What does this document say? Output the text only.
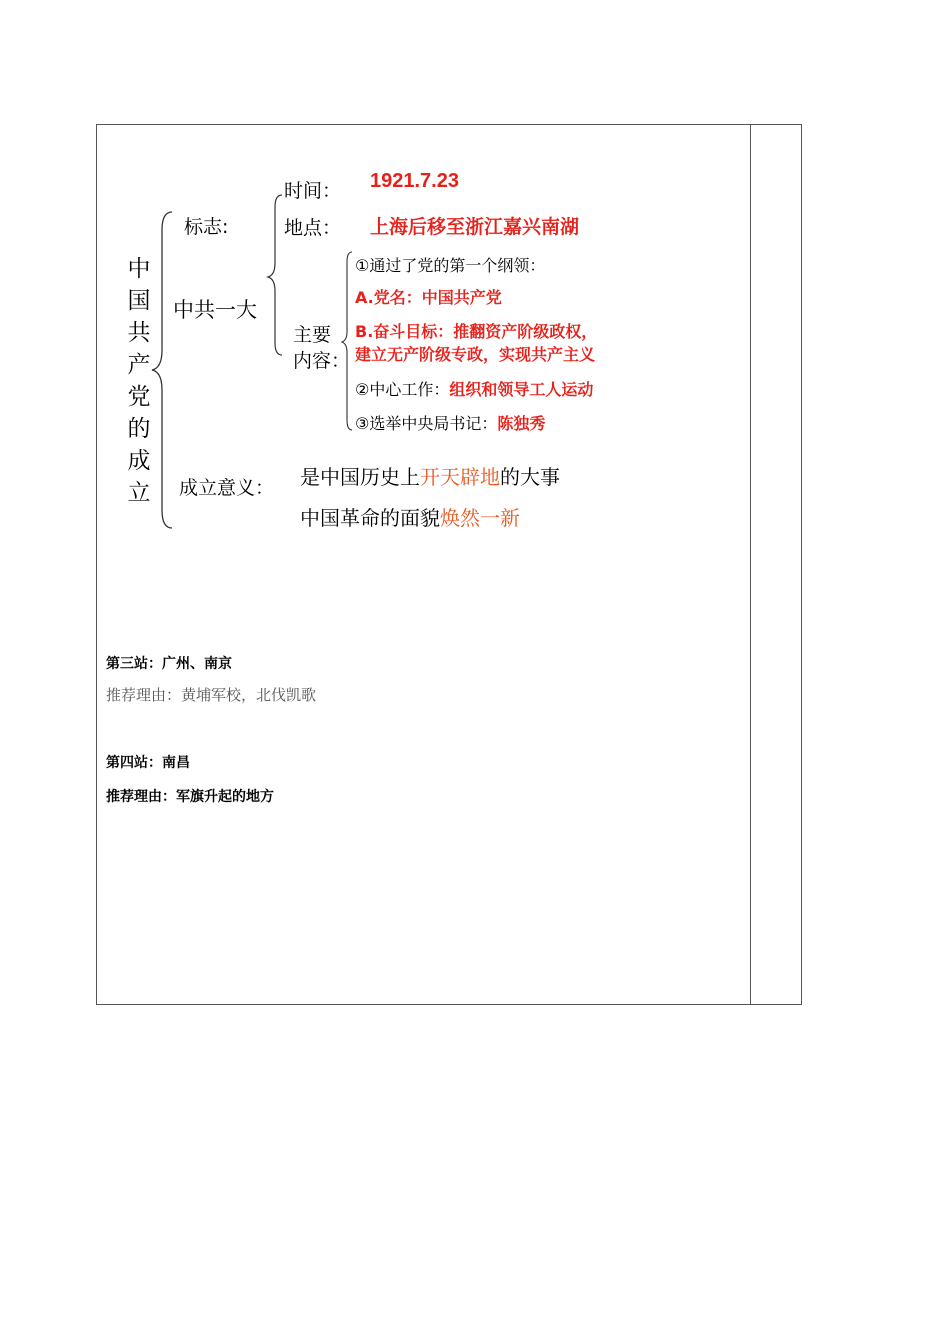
中国共产党的成立
标志:
中共一大
时间： 1921.7.23
地点： 上海后移至浙江嘉兴南湖
主要
内容：
①通过了党的第一个纲领：
A.党名：中国共产党
B.奋斗目标：推翻资产阶级政权，
建立无产阶级专政，实现共产主义
②中心工作：组织和领导工人运动
③选举中央局书记：陈独秀
成立意义： 是中国历史上开天辟地的大事
中国革命的面貌焕然一新
第三站：广州、南京
推荐理由：黄埔军校，北伐凯歌
第四站：南昌
推荐理由：军旗升起的地方
